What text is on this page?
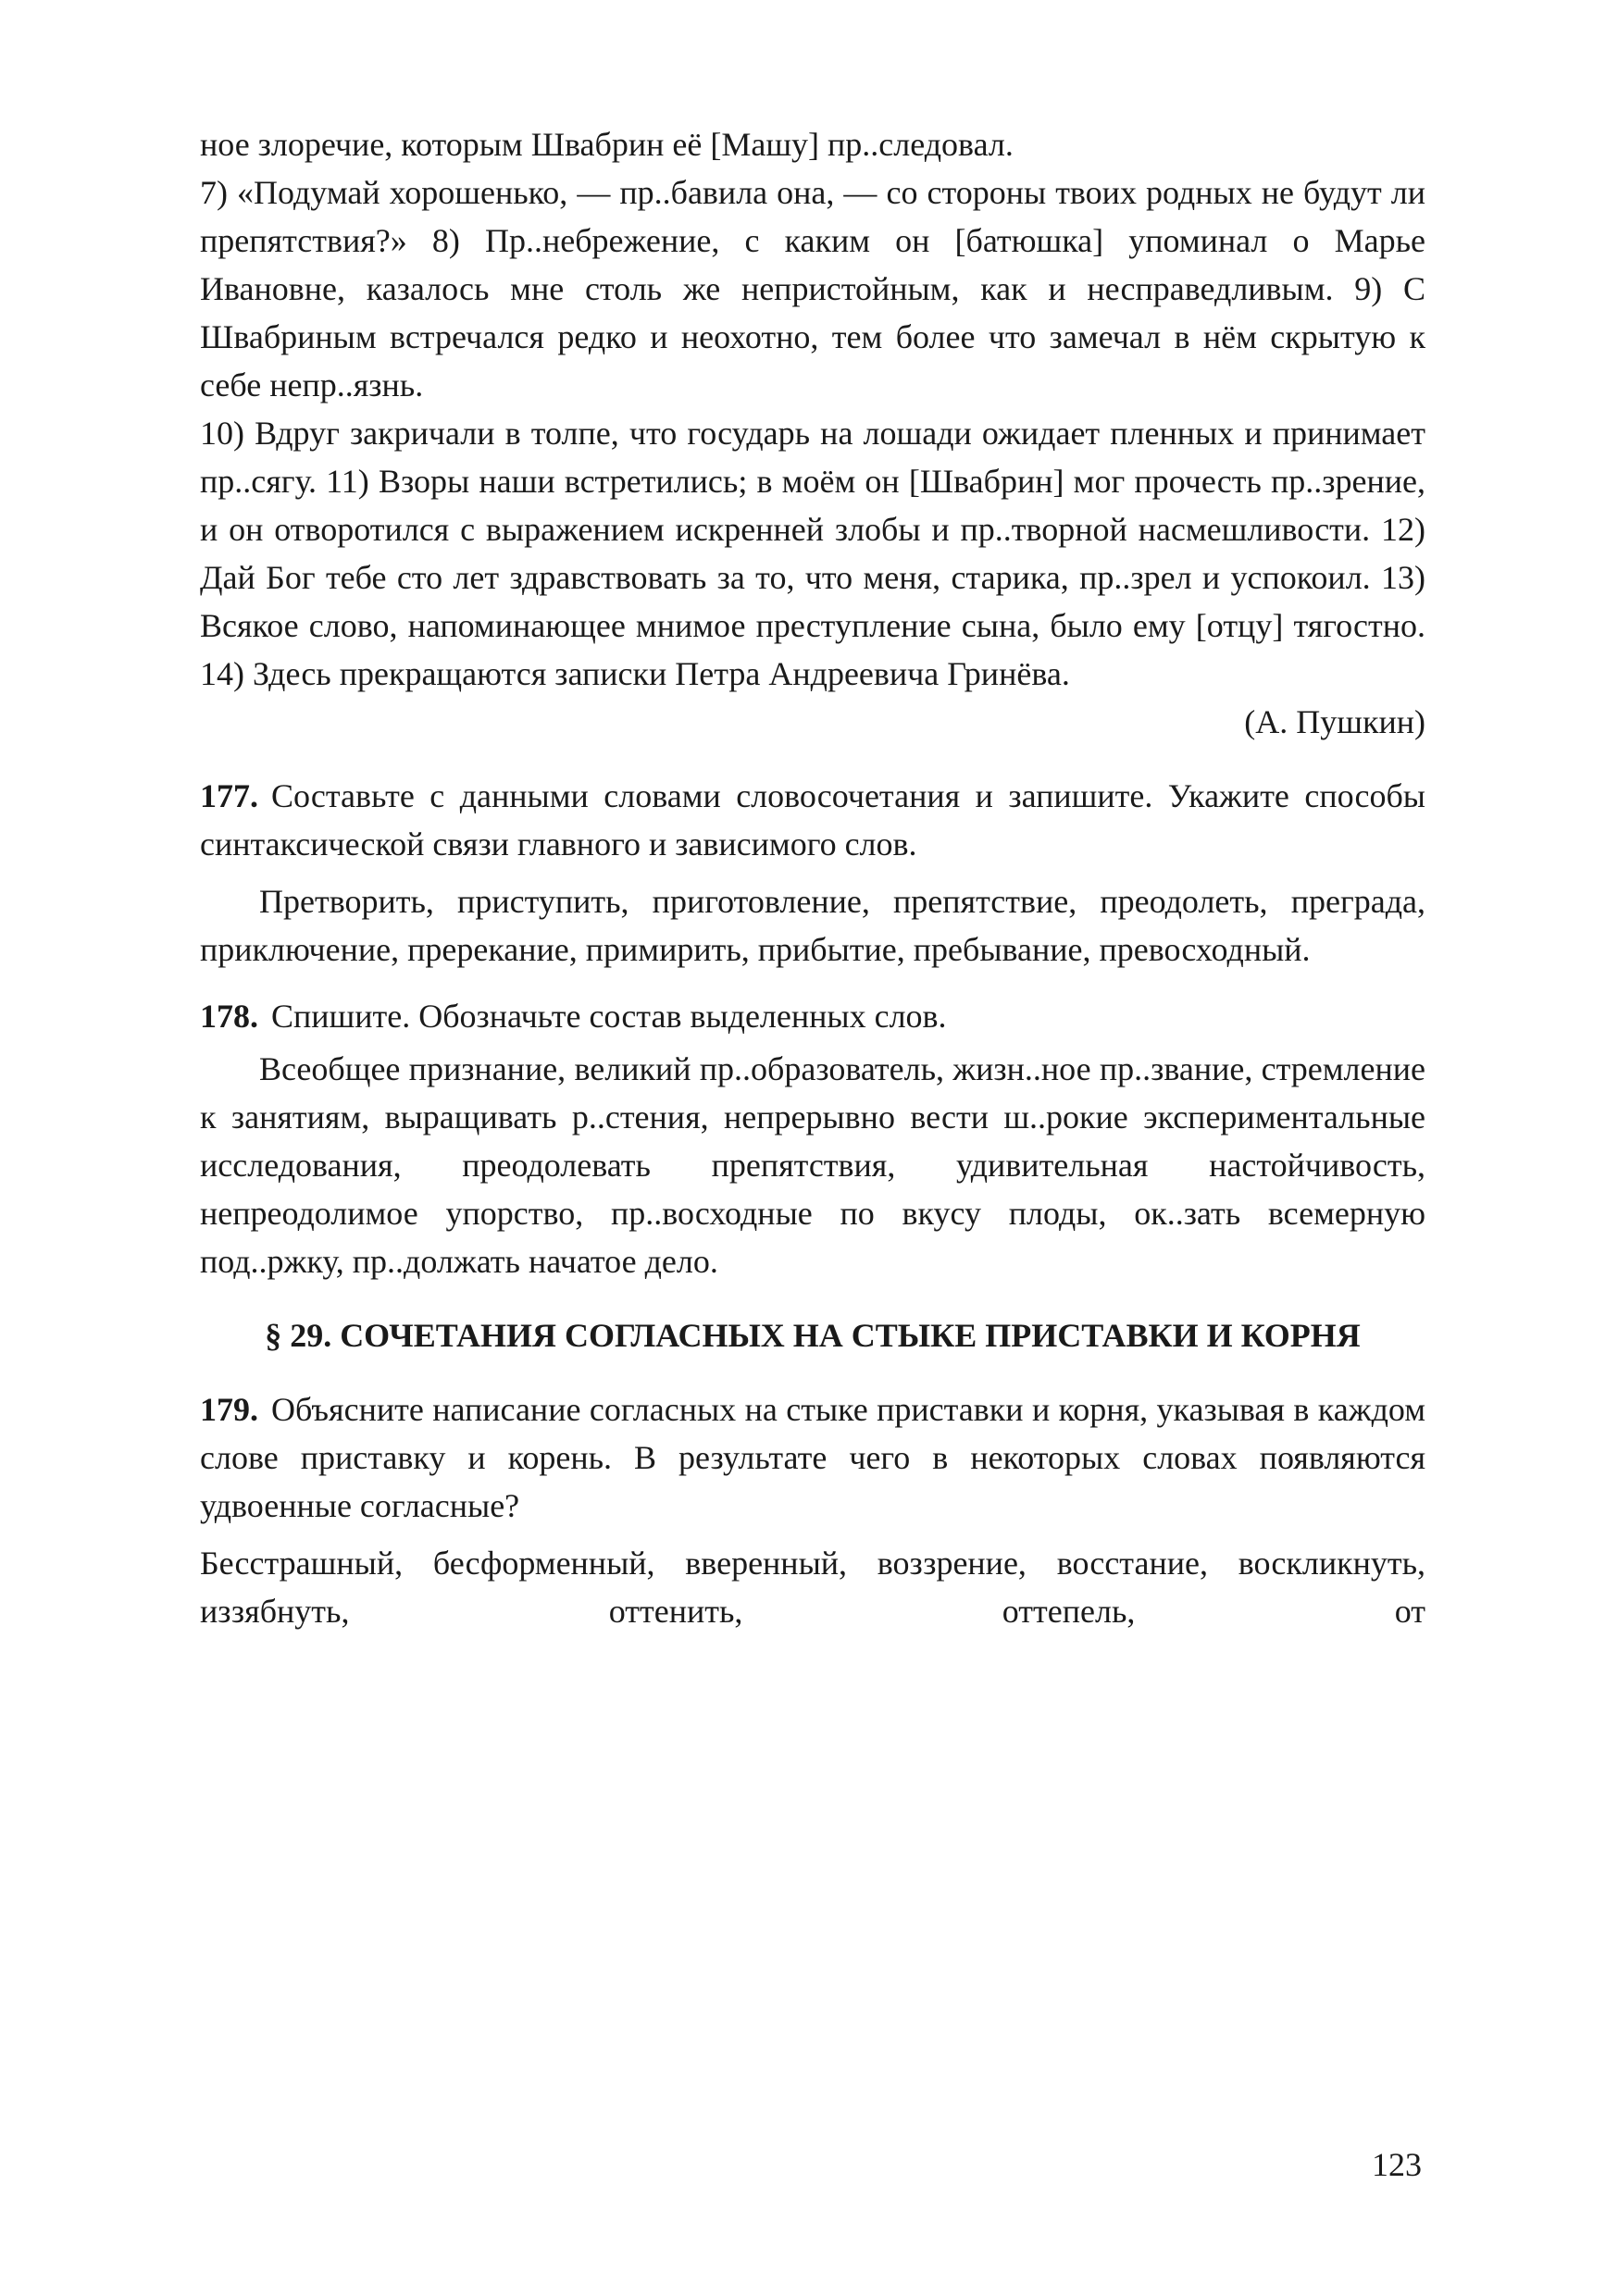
ное злоречие, которым Швабрин её [Машу] пр..следовал.

7) «Подумай хорошенько, — пр..бавила она, — со стороны твоих родных не будут ли препятствия?» 8) Пр..небрежение, с каким он [батюшка] упоминал о Марье Ивановне, казалось мне столь же непристойным, как и несправедливым. 9) С Швабриным встречался редко и неохотно, тем более что замечал в нём скрытую к себе непр..язнь.

10) Вдруг закричали в толпе, что государь на лошади ожидает пленных и принимает пр..сягу. 11) Взоры наши встретились; в моём он [Швабрин] мог прочесть пр..зрение, и он отворотился с выражением искренней злобы и пр..творной насмешливости. 12) Дай Бог тебе сто лет здравствовать за то, что меня, старика, пр..зрел и успокоил. 13) Всякое слово, напоминающее мнимое преступление сына, было ему [отцу] тягостно. 14) Здесь прекращаются записки Петра Андреевича Гринёва.

(А. Пушкин)

177. Составьте с данными словами словосочетания и запишите. Укажите способы синтаксической связи главного и зависимого слов.

Претворить, приступить, приготовление, препятствие, преодолеть, преграда, приключение, пререкание, примирить, прибытие, пребывание, превосходный.

178. Спишите. Обозначьте состав выделенных слов.

Всеобщее признание, великий пр..образователь, жизн..ное пр..звание, стремление к занятиям, выращивать р..стения, непрерывно вести ш..рокие экспериментальные исследования, преодолевать препятствия, удивительная настойчивость, непреодолимое упорство, пр..восходные по вкусу плоды, ок..зать всемерную под..ржку, пр..должать начатое дело.

§ 29. СОЧЕТАНИЯ СОГЛАСНЫХ НА СТЫКЕ ПРИСТАВКИ И КОРНЯ

179. Объясните написание согласных на стыке приставки и корня, указывая в каждом слове приставку и корень. В результате чего в некоторых словах появляются удвоенные согласные?

Бесстрашный, бесформенный, вверенный, воззрение, восстание, воскликнуть, иззябнуть, оттенить, оттепель, от

123
